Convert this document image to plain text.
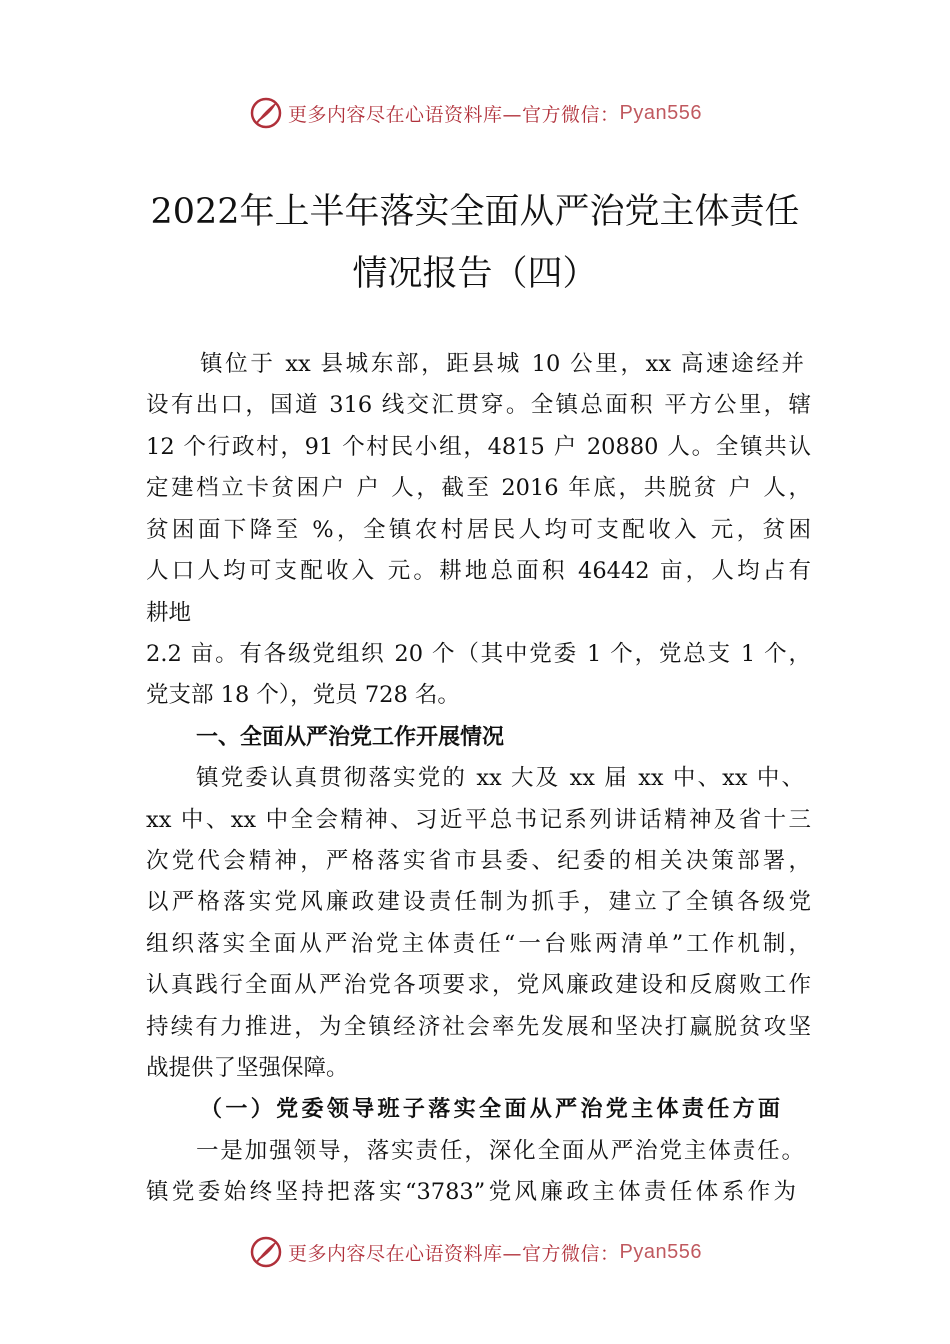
更多内容尽在心语资料库—官方微信： Pyan556
2022年上半年落实全面从严治党主体责任
情况报告（四）
镇位于 xx 县城东部，距县城 10 公里，xx 高速途经并
设有出口，国道 316 线交汇贯穿。全镇总面积 平方公里，辖
12 个行政村，91 个村民小组，4815 户 20880 人。全镇共认
定建档立卡贫困户 户 人，截至 2016 年底，共脱贫 户 人，
贫困面下降至 %，全镇农村居民人均可支配收入 元，贫困
人口人均可支配收入 元。耕地总面积 46442 亩，人均占有
耕地
2.2 亩。有各级党组织 20 个（其中党委 1 个，党总支 1 个，
党支部 18 个），党员 728 名。
一、全面从严治党工作开展情况
镇党委认真贯彻落实党的 xx 大及 xx 届 xx 中、xx 中、
xx 中、xx 中全会精神、习近平总书记系列讲话精神及省十三
次党代会精神，严格落实省市县委、纪委的相关决策部署，
以严格落实党风廉政建设责任制为抓手，建立了全镇各级党
组织落实全面从严治党主体责任“一台账两清单”工作机制，
认真践行全面从严治党各项要求，党风廉政建设和反腐败工作
持续有力推进，为全镇经济社会率先发展和坚决打赢脱贫攻坚
战提供了坚强保障。
（一）党委领导班子落实全面从严治党主体责任方面
一是加强领导，落实责任，深化全面从严治党主体责任。
镇党委始终坚持把落实“3783”党风廉政主体责任体系作为
更多内容尽在心语资料库—官方微信： Pyan556
